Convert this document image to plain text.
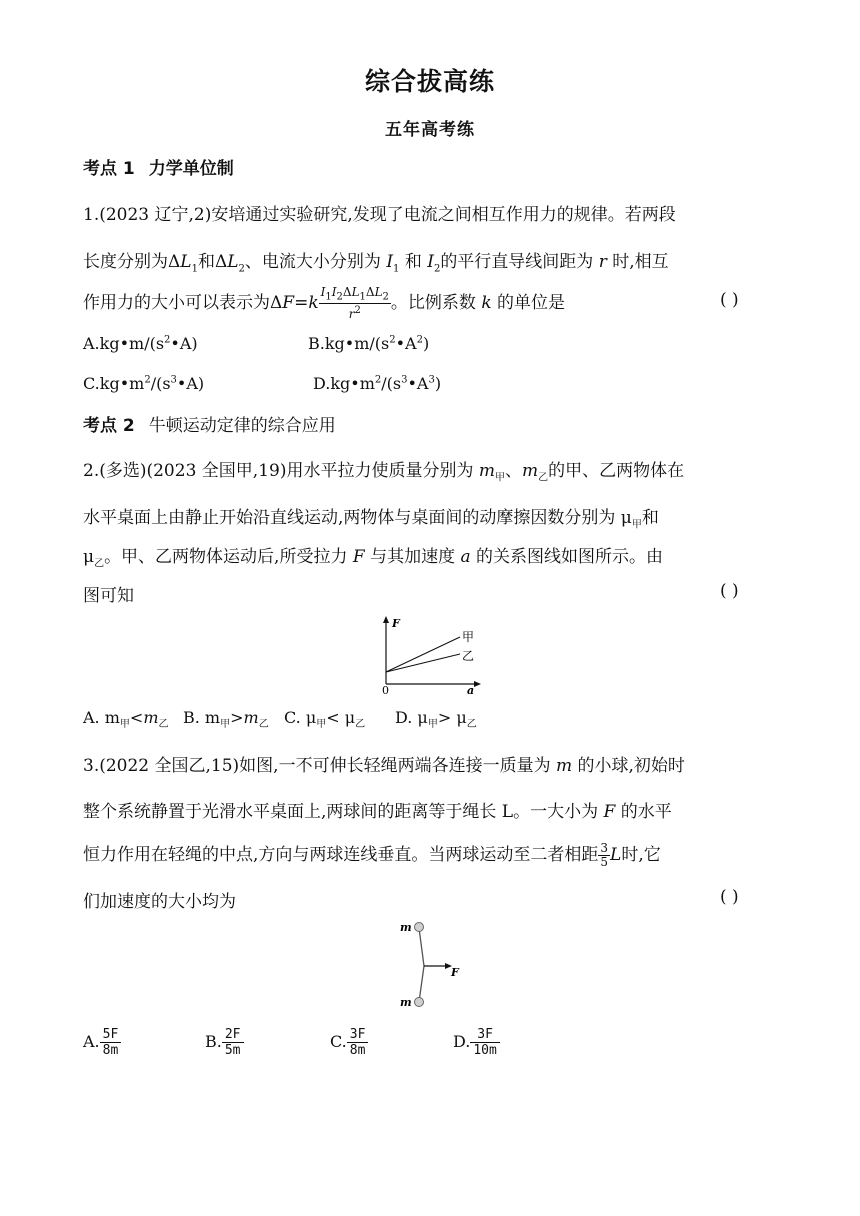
综合拔高练
五年高考练
考点 1 力学单位制
1.(2023 辽宁,2)安培通过实验研究,发现了电流之间相互作用力的规律。若两段
长度分别为$\Delta L_1$和$\Delta L_2$、电流大小分别为 $I_1$ 和 $I_2$的平行直导线间距为 r 时,相互
作用力的大小可以表示为$\Delta F=k \frac{I_1I_2\Delta L_1\Delta L_2}{r^2}$ 。比例系数 k 的单位是	( )
$A.kg•m/(s^2•A)$	$B.kg•m/(s^2•A^2)$
$C.kg•m^2/(s^3•A)$	$D.kg•m^2/(s^3•A^3)$
考点 2 牛顿运动定律的综合应用
2.(多选)(2023 全国甲,19)用水平拉力使质量分别为 $m_甲$、$m_乙$的甲、乙两物体在
水平桌面上由静止开始沿直线运动,两物体与桌面间的动摩擦因数分别为 $\mu_甲$和
$\mu_乙$。甲、乙两物体运动后,所受拉力 F 与其加速度 a 的关系图线如图所示。由
图可知	( )
F
a
0
甲
乙
A. $m_甲<m_乙$ B. $m_甲>m_乙$ C. $\mu_甲< \mu_乙$ D. $\mu_甲> \mu_乙$
3.(2022 全国乙,15)如图,一不可伸长轻绳两端各连接一质量为 m 的小球,初始时
整个系统静置于光滑水平桌面上,两球间的距离等于绳长 L。一大小为 F 的水平
恒力作用在轻绳的中点,方向与两球连线垂直。当两球运动至二者相距 $\frac{3}{5}$ L时,它
们加速度的大小均为	( )
m
m
F
A. $\frac{5F}{8m}$	B. $\frac{2F}{5m}$	C. $\frac{3F}{8m}$	D. $\frac{3F}{10m}$
